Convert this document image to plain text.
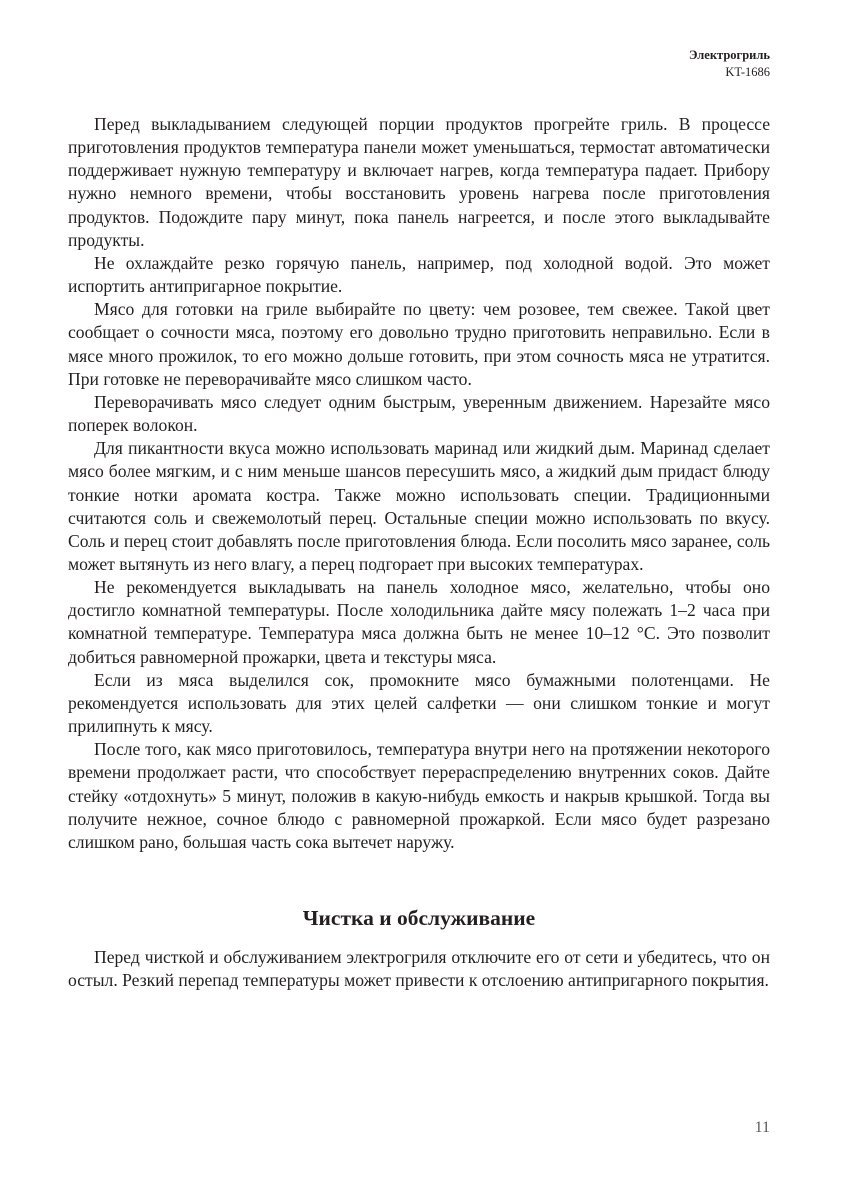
Электрогриль
KT-1686

Перед выкладыванием следующей порции продуктов прогрейте гриль. В процессе приготовления продуктов температура панели может уменьшаться, термостат автоматически поддерживает нужную температуру и включает нагрев, когда температура падает. Прибору нужно немного времени, чтобы восстановить уровень нагрева после приготовления продуктов. Подождите пару минут, пока панель нагреется, и после этого выкладывайте продукты.

Не охлаждайте резко горячую панель, например, под холодной водой. Это может испортить антипригарное покрытие.

Мясо для готовки на гриле выбирайте по цвету: чем розовее, тем свежее. Такой цвет сообщает о сочности мяса, поэтому его довольно трудно приготовить неправильно. Если в мясе много прожилок, то его можно дольше готовить, при этом сочность мяса не утратится. При готовке не переворачивайте мясо слишком часто.

Переворачивать мясо следует одним быстрым, уверенным движением. Нарезайте мясо поперек волокон.

Для пикантности вкуса можно использовать маринад или жидкий дым. Маринад сделает мясо более мягким, и с ним меньше шансов пересушить мясо, а жидкий дым придаст блюду тонкие нотки аромата костра. Также можно использовать специи. Традиционными считаются соль и свежемолотый перец. Остальные специи можно использовать по вкусу. Соль и перец стоит добавлять после приготовления блюда. Если посолить мясо заранее, соль может вытянуть из него влагу, а перец подгорает при высоких температурах.

Не рекомендуется выкладывать на панель холодное мясо, желательно, чтобы оно достигло комнатной температуры. После холодильника дайте мясу полежать 1–2 часа при комнатной температуре. Температура мяса должна быть не менее 10–12 °С. Это позволит добиться равномерной прожарки, цвета и текстуры мяса.

Если из мяса выделился сок, промокните мясо бумажными полотенцами. Не рекомендуется использовать для этих целей салфетки — они слишком тонкие и могут прилипнуть к мясу.

После того, как мясо приготовилось, температура внутри него на протяжении некоторого времени продолжает расти, что способствует перераспределению внутренних соков. Дайте стейку «отдохнуть» 5 минут, положив в какую-нибудь емкость и накрыв крышкой. Тогда вы получите нежное, сочное блюдо с равномерной прожаркой. Если мясо будет разрезано слишком рано, большая часть сока вытечет наружу.

Чистка и обслуживание

Перед чисткой и обслуживанием электрогриля отключите его от сети и убедитесь, что он остыл. Резкий перепад температуры может привести к отслоению антипригарного покрытия.

11
